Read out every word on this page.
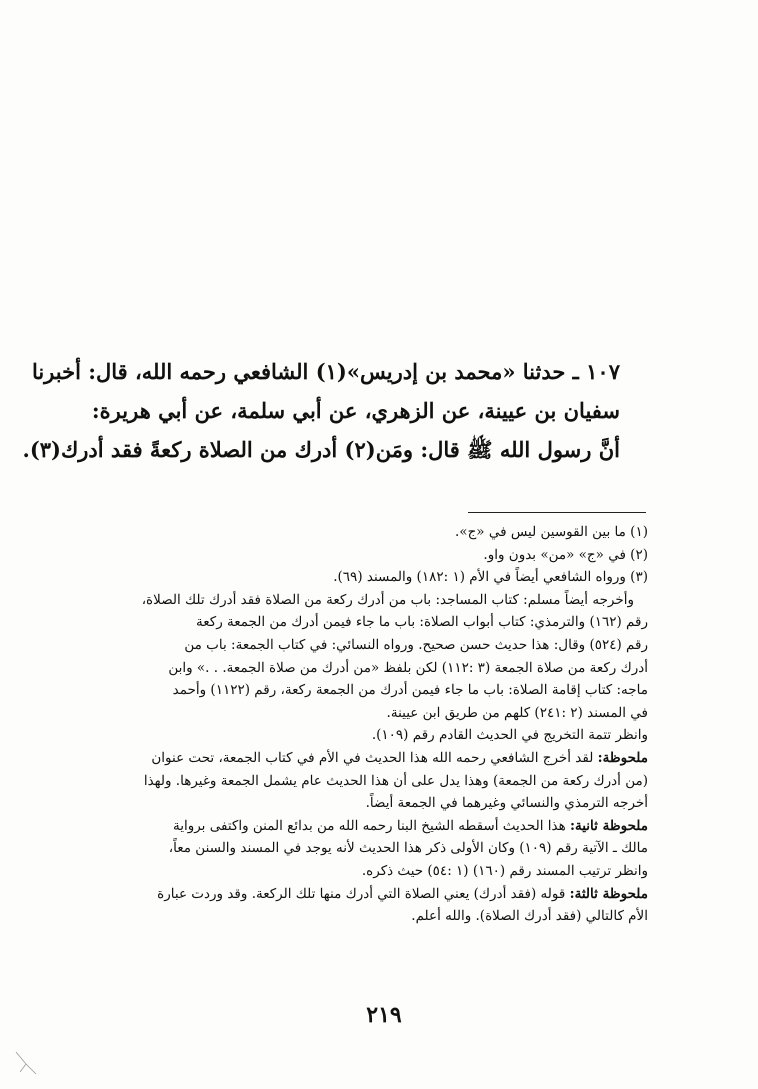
١٠٧ ـ حدثنا «محمد بن إدريس»(١) الشافعي رحمه الله، قال: أخبرنا
سفيان بن عيينة، عن الزهري، عن أبي سلمة، عن أبي هريرة:
أنَّ رسول الله ﷺ قال: ومَن(٢) أدرك من الصلاة ركعةً فقد أدرك(٣).
(١) ما بين القوسين ليس في «ج».
(٢) في «ج» «من» بدون واو.
(٣) ورواه الشافعي أيضاً في الأم (١ :١٨٢) والمسند (٦٩).
وأخرجه أيضاً مسلم: كتاب المساجد: باب من أدرك ركعة من الصلاة فقد أدرك تلك الصلاة،
رقم (١٦٢) والترمذي: كتاب أبواب الصلاة: باب ما جاء فيمن أدرك من الجمعة ركعة
رقم (٥٢٤) وقال: هذا حديث حسن صحيح. ورواه النسائي: في كتاب الجمعة: باب من
أدرك ركعة من صلاة الجمعة (٣ :١١٢) لكن بلفظ «من أدرك من صلاة الجمعة. . .» وابن
ماجه: كتاب إقامة الصلاة: باب ما جاء فيمن أدرك من الجمعة ركعة، رقم (١١٢٢) وأحمد
في المسند (٢ :٢٤١) كلهم من طريق ابن عيينة.
وانظر تتمة التخريج في الحديث القادم رقم (١٠٩).
ملحوظة: لقد أخرج الشافعي رحمه الله هذا الحديث في الأم في كتاب الجمعة، تحت عنوان
(من أدرك ركعة من الجمعة) وهذا يدل على أن هذا الحديث عام يشمل الجمعة وغيرها. ولهذا
أخرجه الترمذي والنسائي وغيرهما في الجمعة أيضاً.
ملحوظة ثانية: هذا الحديث أسقطه الشيخ البنا رحمه الله من بدائع المنن واكتفى برواية
مالك ـ الآتية رقم (١٠٩) وكان الأولى ذكر هذا الحديث لأنه يوجد في المسند والسنن معاً،
وانظر ترتيب المسند رقم (١٦٠) (١ :٥٤) حيث ذكره.
ملحوظة ثالثة: قوله (فقد أدرك) يعني الصلاة التي أدرك منها تلك الركعة. وقد وردت عبارة
الأم كالتالي (فقد أدرك الصلاة). والله أعلم.
٢١٩
